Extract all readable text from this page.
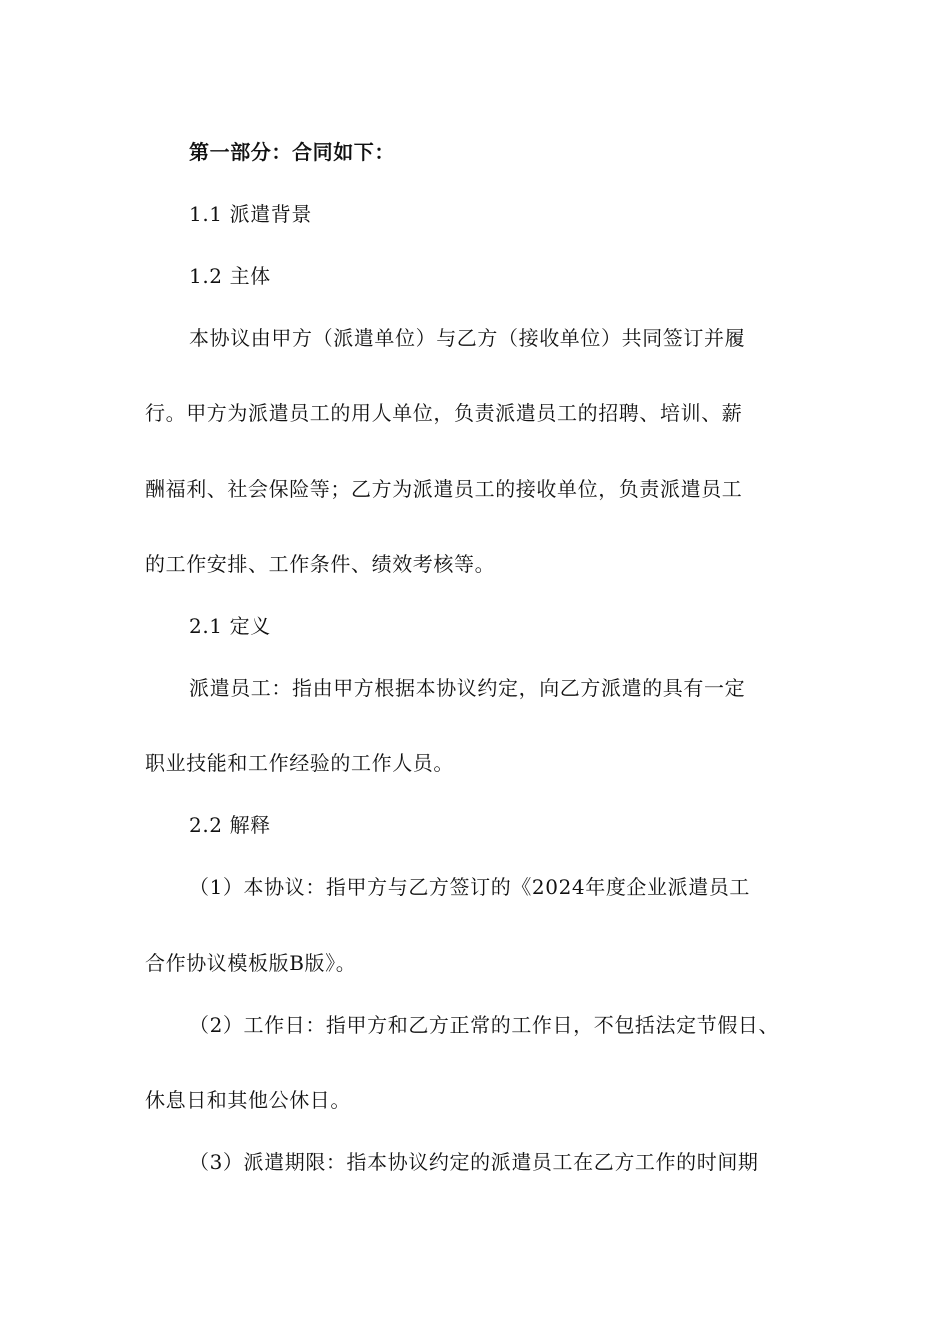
第一部分：合同如下：
1.1 派遣背景
1.2 主体
本协议由甲方（派遣单位）与乙方（接收单位）共同签订并履
行。甲方为派遣员工的用人单位，负责派遣员工的招聘、培训、薪
酬福利、社会保险等；乙方为派遣员工的接收单位，负责派遣员工
的工作安排、工作条件、绩效考核等。
2.1 定义
派遣员工：指由甲方根据本协议约定，向乙方派遣的具有一定
职业技能和工作经验的工作人员。
2.2 解释
（1）本协议：指甲方与乙方签订的《2024年度企业派遣员工
合作协议模板版B版》。
（2）工作日：指甲方和乙方正常的工作日，不包括法定节假日、
休息日和其他公休日。
（3）派遣期限：指本协议约定的派遣员工在乙方工作的时间期
